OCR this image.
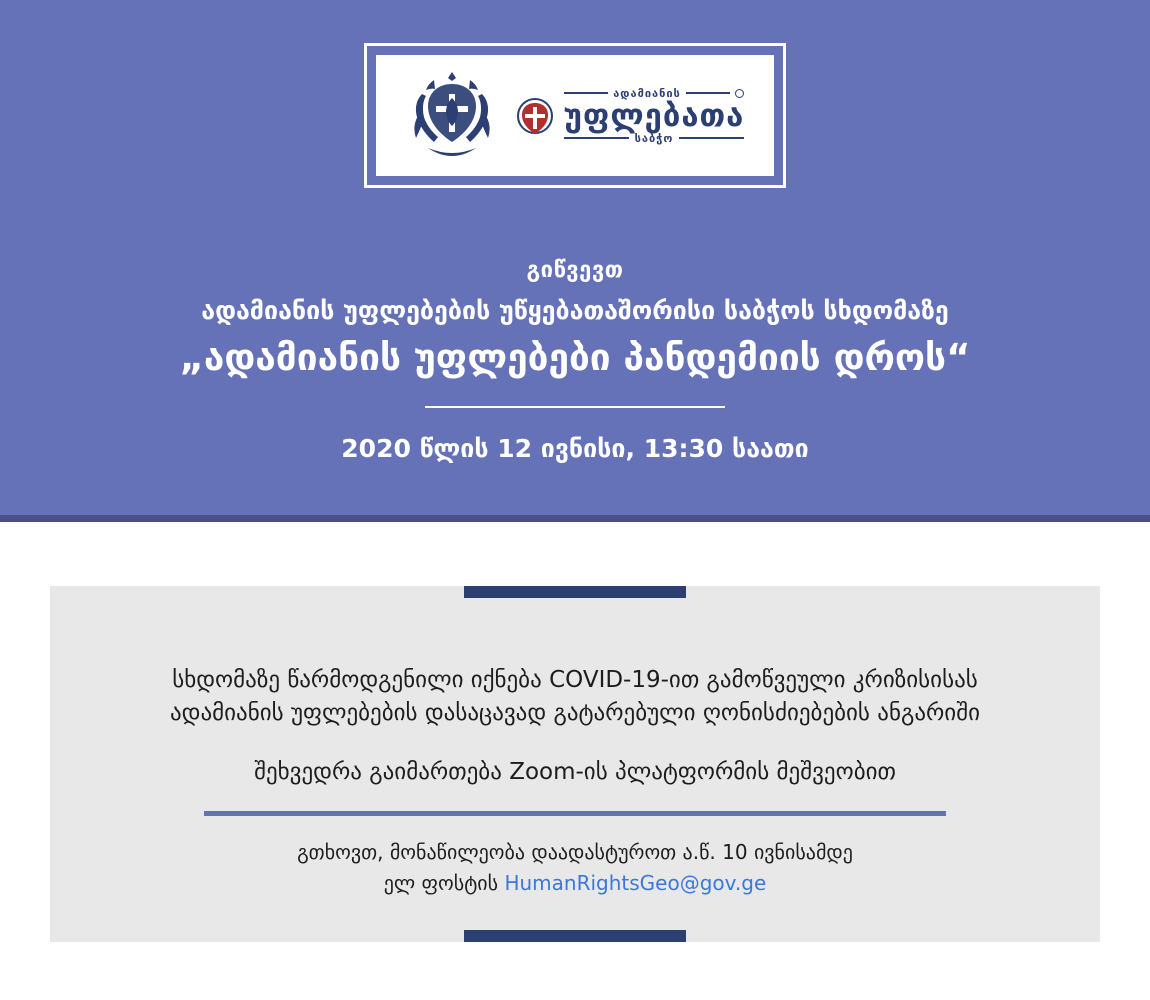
ადამიანის
უფლებათა
საბჭო
გიწვევთ
ადამიანის უფლებების უწყებათაშორისი საბჭოს სხდომაზე
„ადამიანის უფლებები პანდემიის დროს“
2020 წლის 12 ივნისი, 13:30 საათი
სხდომაზე წარმოდგენილი იქნება COVID-19-ით გამოწვეული კრიზისისას
ადამიანის უფლებების დასაცავად გატარებული ღონისძიებების ანგარიში
შეხვედრა გაიმართება Zoom-ის პლატფორმის მეშვეობით
გთხოვთ, მონაწილეობა დაადასტუროთ ა.წ. 10 ივნისამდე
ელ ფოსტის HumanRightsGeo@gov.ge
